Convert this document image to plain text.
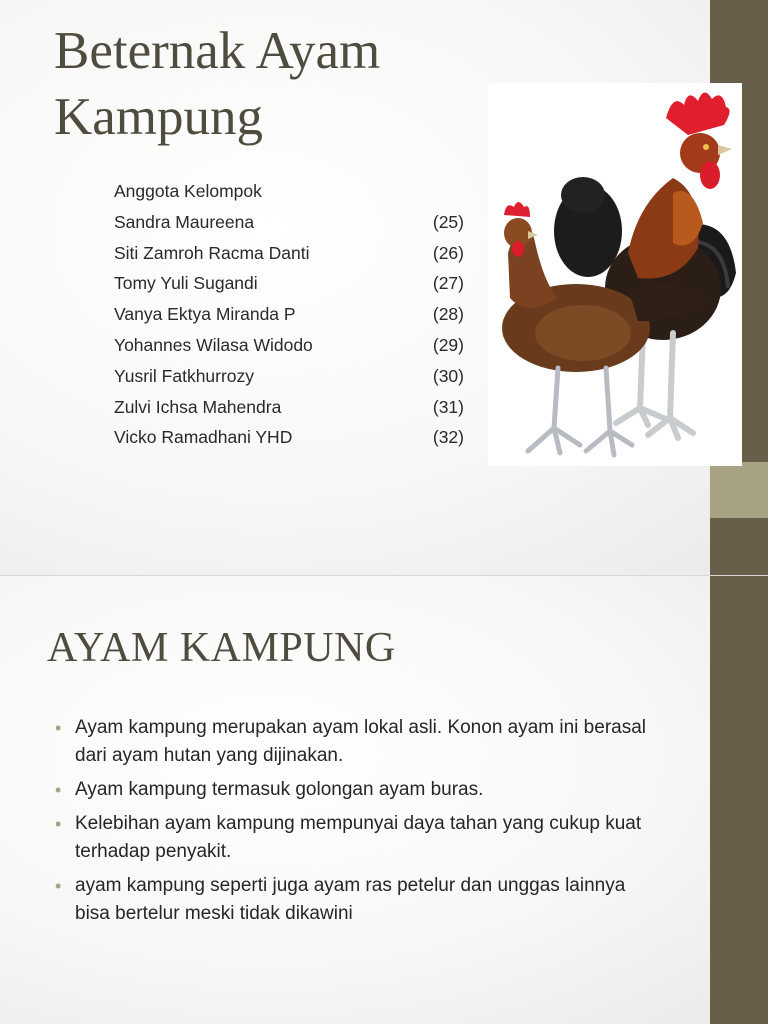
Beternak Ayam Kampung
Anggota Kelompok
Sandra Maureena	(25)
Siti Zamroh Racma Danti	(26)
Tomy Yuli Sugandi	(27)
Vanya Ektya Miranda P	(28)
Yohannes Wilasa Widodo	(29)
Yusril Fatkhurrozy	(30)
Zulvi Ichsa Mahendra	(31)
Vicko Ramadhani YHD	(32)
AYAM KAMPUNG
• Ayam kampung merupakan ayam lokal asli. Konon ayam ini berasal dari ayam hutan yang dijinakan.
• Ayam kampung termasuk golongan ayam buras.
• Kelebihan ayam kampung mempunyai daya tahan yang cukup kuat terhadap penyakit.
• ayam kampung seperti juga ayam ras petelur dan unggas lainnya bisa bertelur meski tidak dikawini
